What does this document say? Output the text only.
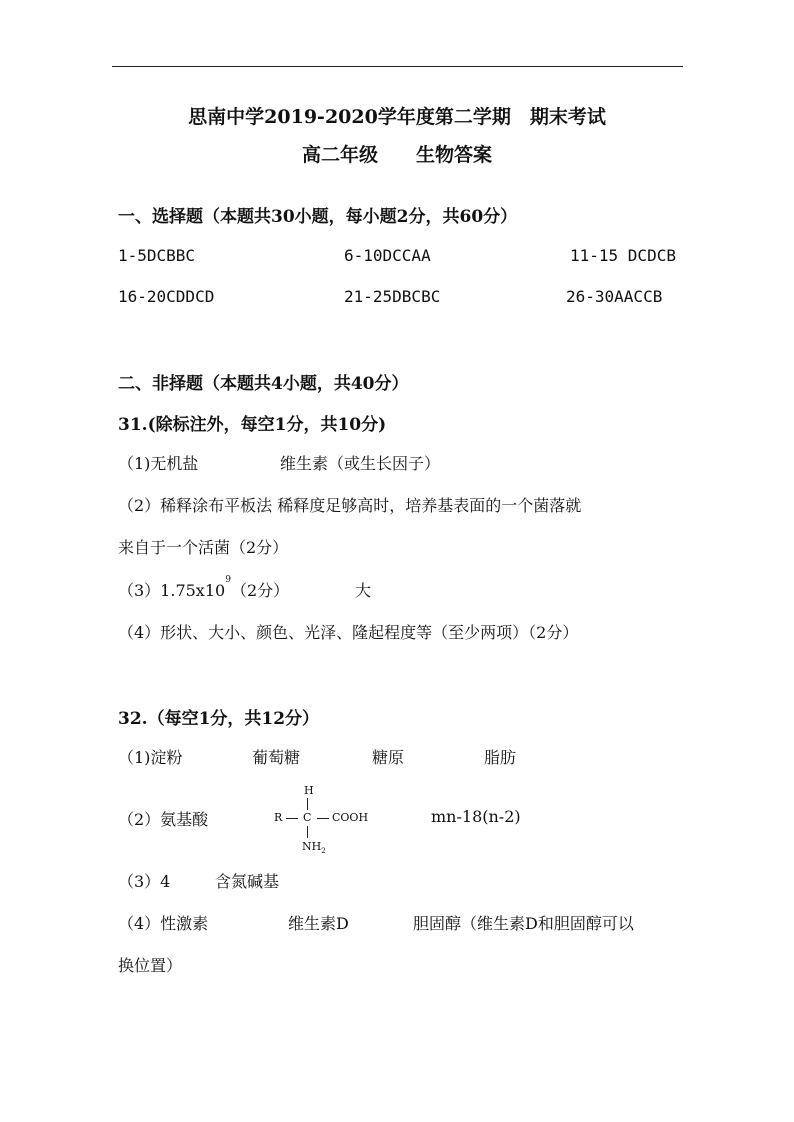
思南中学2019-2020学年度第二学期　期末考试
高二年级　　生物答案
一、选择题（本题共30小题，每小题2分，共60分）
1-5DCBBC	6-10DCCAA	11-15 DCDCB
16-20CDDCD	21-25DBCBC	26-30AACCB
二、非择题（本题共4小题，共40分）
31.(除标注外，每空1分，共10分)
（1)无机盐	维生素（或生长因子）
（2）稀释涂布平板法 稀释度足够高时，培养基表面的一个菌落就
来自于一个活菌（2分）
$(3)1.75x10^9(2$分）	大
（4）形状、大小、颜色、光泽、隆起程度等（至少两项）（2分）
32.（每空1分，共12分）
（1)淀粉	葡萄糖	糖原	脂肪
（2）氨基酸
H
R C COOH
$NH_2$
mn-18(n-2)
（3）4	含氮碱基
（4）性激素	维生素D	胆固醇（维生素D和胆固醇可以
换位置）
